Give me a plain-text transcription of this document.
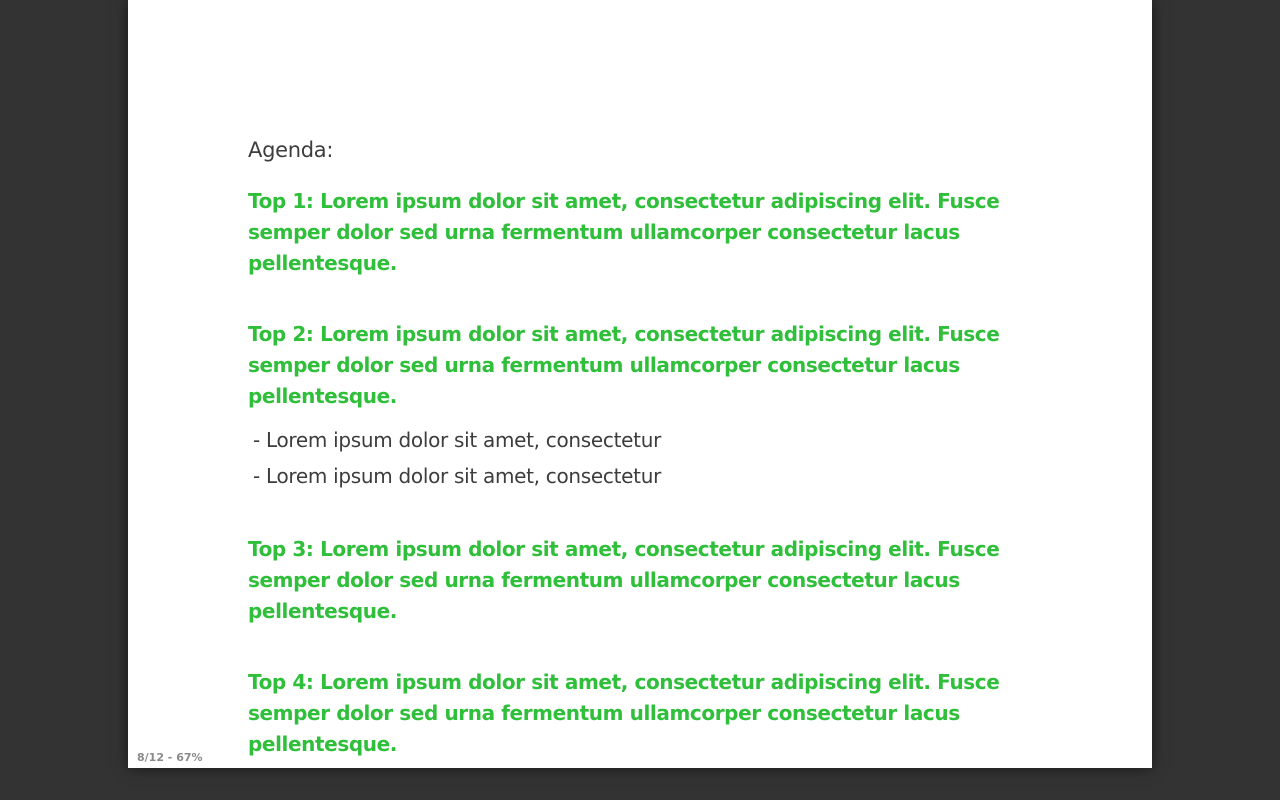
Agenda:

Top 1: Lorem ipsum dolor sit amet, consectetur adipiscing elit. Fusce semper dolor sed urna fermentum ullamcorper consectetur lacus pellentesque.

Top 2: Lorem ipsum dolor sit amet, consectetur adipiscing elit. Fusce semper dolor sed urna fermentum ullamcorper consectetur lacus pellentesque.

- Lorem ipsum dolor sit amet, consectetur
- Lorem ipsum dolor sit amet, consectetur

Top 3: Lorem ipsum dolor sit amet, consectetur adipiscing elit. Fusce semper dolor sed urna fermentum ullamcorper consectetur lacus pellentesque.

Top 4: Lorem ipsum dolor sit amet, consectetur adipiscing elit. Fusce semper dolor sed urna fermentum ullamcorper consectetur lacus pellentesque.

8/12 - 67%
